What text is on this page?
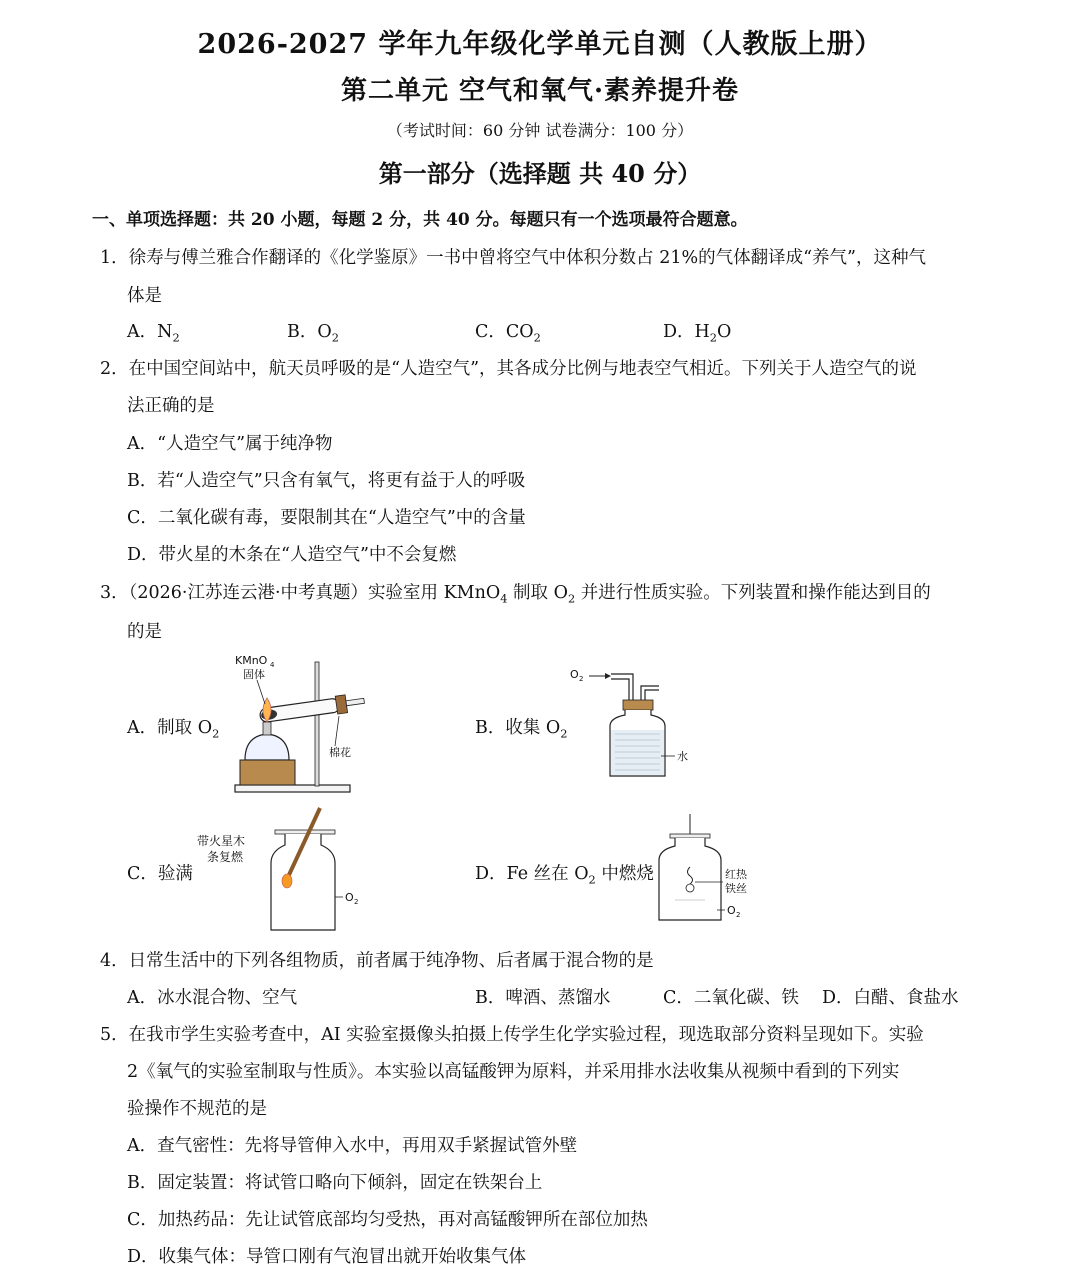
2026-2027 学年九年级化学单元自测（人教版上册）
第二单元 空气和氧气·素养提升卷
（考试时间：60 分钟 试卷满分：100 分）
第一部分（选择题 共 40 分）
一、单项选择题：共 20 小题，每题 2 分，共 40 分。每题只有一个选项最符合题意。
1．徐寿与傅兰雅合作翻译的《化学鉴原》一书中曾将空气中体积分数占 21%的气体翻译成“养气”，这种气
体是
A．$N_2$	B．$O_2$	C．$CO_2$	D．$H_2O$
2．在中国空间站中，航天员呼吸的是“人造空气”，其各成分比例与地表空气相近。下列关于人造空气的说
法正确的是
A．“人造空气”属于纯净物
B．若“人造空气”只含有氧气，将更有益于人的呼吸
C．二氧化碳有毒，要限制其在“人造空气”中的含量
D．带火星的木条在“人造空气”中不会复燃
3．（2026·江苏连云港·中考真题）实验室用 KMnO$_4$ 制取 $O_2$ 并进行性质实验。下列装置和操作能达到目的
的是
A．制取 $O_2$	B．收集 $O_2$
C．验满	D．Fe 丝在 $O_2$ 中燃烧
KMnO 4
固体
棉花
O 2
水
带火星木
条复燃
O 2
红热
铁丝
O 2
4．日常生活中的下列各组物质，前者属于纯净物、后者属于混合物的是
A．冰水混合物、空气	B．啤酒、蒸馏水	C．二氧化碳、铁 D．白醋、食盐水
5．在我市学生实验考查中，AI 实验室摄像头拍摄上传学生化学实验过程，现选取部分资料呈现如下。实验
2《氧气的实验室制取与性质》。本实验以高锰酸钾为原料，并采用排水法收集从视频中看到的下列实
验操作不规范的是
A．查气密性：先将导管伸入水中，再用双手紧握试管外壁
B．固定装置：将试管口略向下倾斜，固定在铁架台上
C．加热药品：先让试管底部均匀受热，再对高锰酸钾所在部位加热
D．收集气体：导管口刚有气泡冒出就开始收集气体
